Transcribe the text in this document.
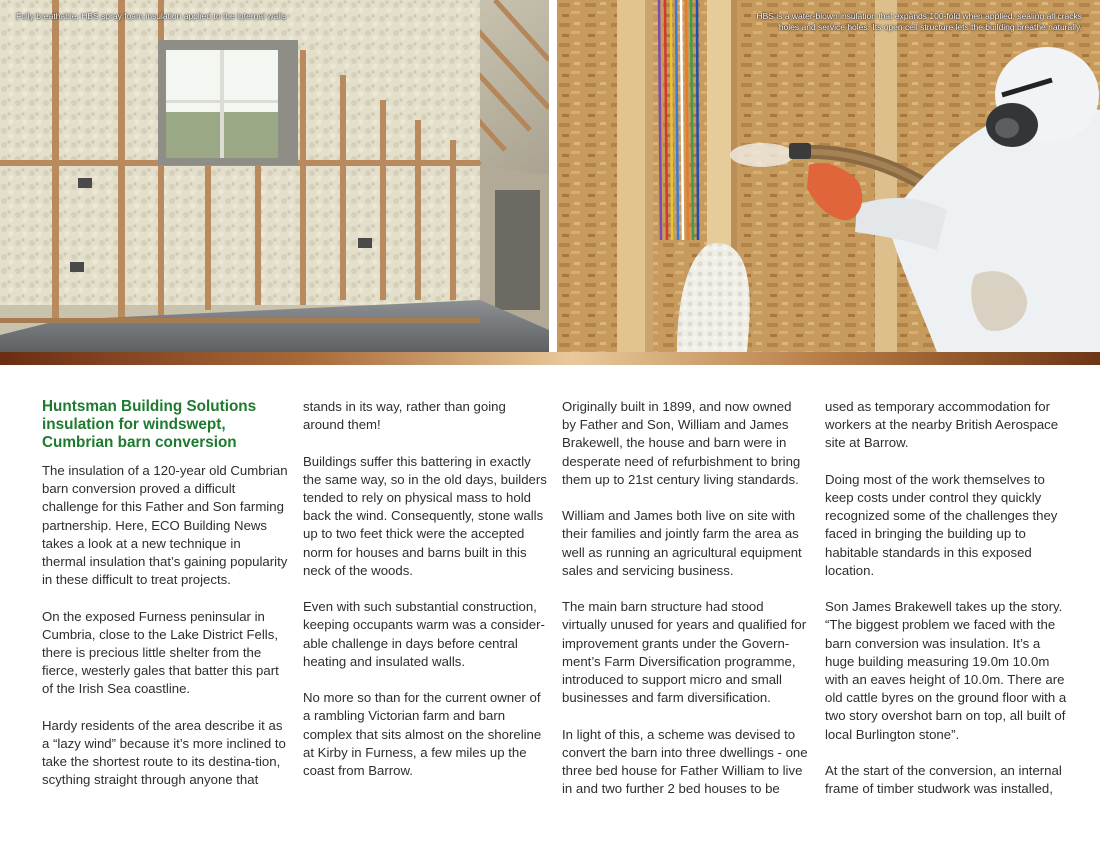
Fully breathable, HBS spray foam insulation applied to the internal walls	HBS is a water-blown insulation that expands 100-fold when applied, sealing all cracks holes and service holes. Its open cell structure lets the building breathe naturally.
Huntsman Building Solutions insulation for windswept, Cumbrian barn conversion

The insulation of a 120-year old Cumbrian barn conversion proved a difficult challenge for this Father and Son farming partnership. Here, ECO Building News takes a look at a new technique in thermal insulation that’s gaining popularity in these difficult to treat projects.

On the exposed Furness peninsular in Cumbria, close to the Lake District Fells, there is precious little shelter from the fierce, westerly gales that batter this part of the Irish Sea coastline.

Hardy residents of the area describe it as a “lazy wind” because it’s more inclined to take the shortest route to its destina-tion, scything straight through anyone that

stands in its way, rather than going around them!

Buildings suffer this battering in exactly the same way, so in the old days, builders tended to rely on physical mass to hold back the wind. Consequently, stone walls up to two feet thick were the accepted norm for houses and barns built in this neck of the woods.

Even with such substantial construction, keeping occupants warm was a consider-able challenge in days before central heating and insulated walls.

No more so than for the current owner of a rambling Victorian farm and barn complex that sits almost on the shoreline at Kirby in Furness, a few miles up the coast from Barrow.

Originally built in 1899, and now owned by Father and Son, William and James Brakewell, the house and barn were in desperate need of refurbishment to bring them up to 21st century living standards.

William and James both live on site with their families and jointly farm the area as well as running an agricultural equipment sales and servicing business.

The main barn structure had stood virtually unused for years and qualified for improvement grants under the Govern-ment’s Farm Diversification programme, introduced to support micro and small businesses and farm diversification.

In light of this, a scheme was devised to convert the barn into three dwellings - one three bed house for Father William to live in and two further 2 bed houses to be

used as temporary accommodation for workers at the nearby British Aerospace site at Barrow.

Doing most of the work themselves to keep costs under control they quickly recognized some of the challenges they faced in bringing the building up to habitable standards in this exposed location.

Son James Brakewell takes up the story. “The biggest problem we faced with the barn conversion was insulation. It’s a huge building measuring 19.0m 10.0m with an eaves height of 10.0m. There are old cattle byres on the ground floor with a two story overshot barn on top, all built of local Burlington stone”.

At the start of the conversion, an internal frame of timber studwork was installed,
